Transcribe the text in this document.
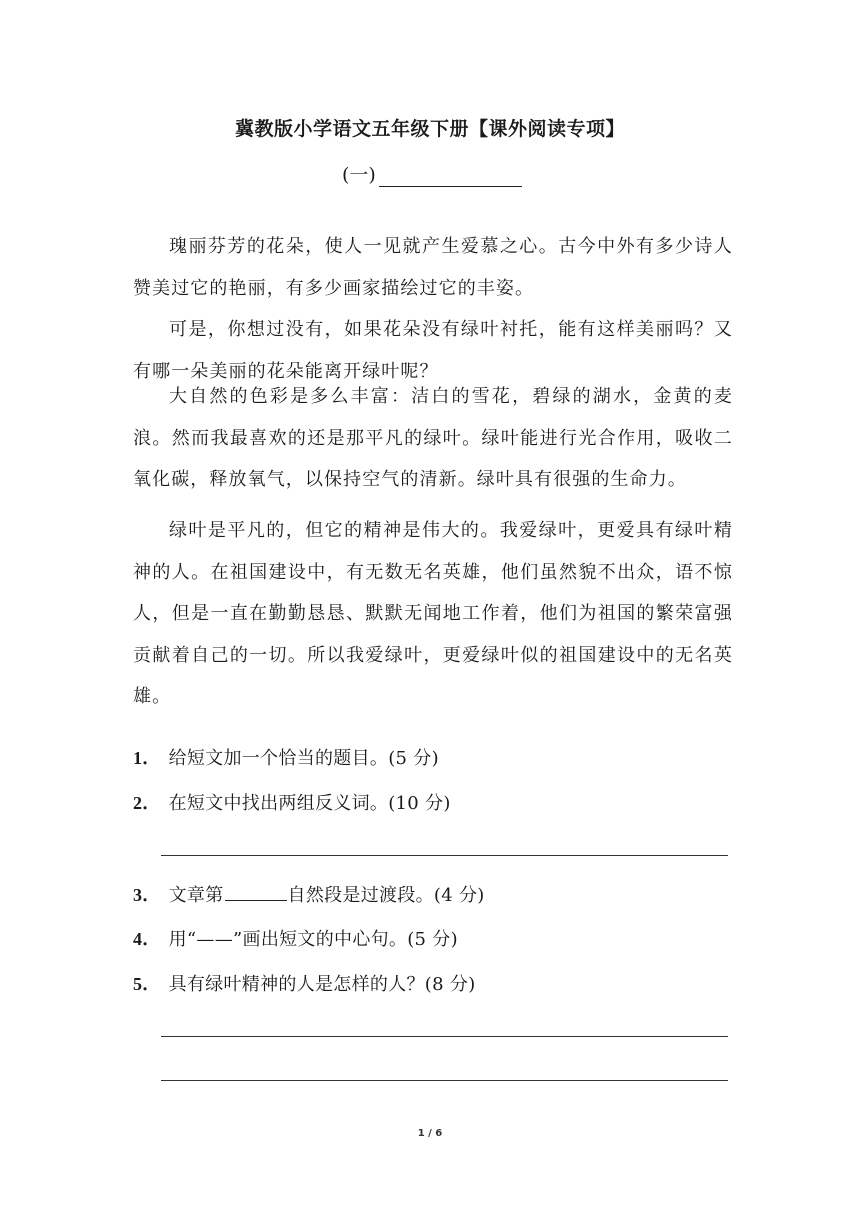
冀教版小学语文五年级下册【课外阅读专项】
(一)

瑰丽芬芳的花朵，使人一见就产生爱慕之心。古今中外有多少诗人赞美过它的艳丽，有多少画家描绘过它的丰姿。

可是，你想过没有，如果花朵没有绿叶衬托，能有这样美丽吗？又有哪一朵美丽的花朵能离开绿叶呢？

大自然的色彩是多么丰富：洁白的雪花，碧绿的湖水，金黄的麦浪。然而我最喜欢的还是那平凡的绿叶。绿叶能进行光合作用，吸收二氧化碳，释放氧气，以保持空气的清新。绿叶具有很强的生命力。

绿叶是平凡的，但它的精神是伟大的。我爱绿叶，更爱具有绿叶精神的人。在祖国建设中，有无数无名英雄，他们虽然貌不出众，语不惊人，但是一直在勤勤恳恳、默默无闻地工作着，他们为祖国的繁荣富强贡献着自己的一切。所以我爱绿叶，更爱绿叶似的祖国建设中的无名英雄。

1． 给短文加一个恰当的题目。(5 分)

2． 在短文中找出两组反义词。(10 分)

3． 文章第	自然段是过渡段。(4 分)

4． 用“——”画出短文的中心句。(5 分)

5． 具有绿叶精神的人是怎样的人？(8 分)

1 / 6
